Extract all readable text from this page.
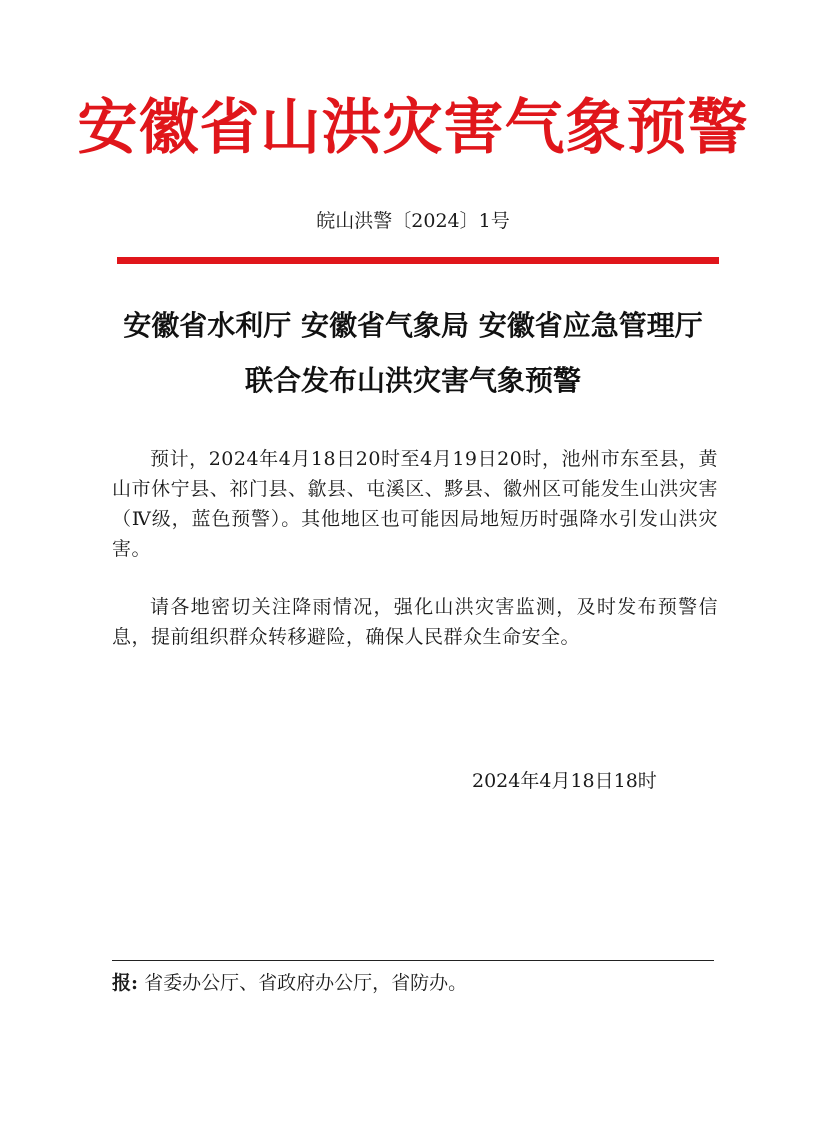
安徽省山洪灾害气象预警
皖山洪警〔2024〕1号
安徽省水利厅 安徽省气象局 安徽省应急管理厅
联合发布山洪灾害气象预警
预计，2024年4月18日20时至4月19日20时，池州市东至县，黄山市休宁县、祁门县、歙县、屯溪区、黟县、徽州区可能发生山洪灾害（Ⅳ级，蓝色预警）。其他地区也可能因局地短历时强降水引发山洪灾害。
请各地密切关注降雨情况，强化山洪灾害监测，及时发布预警信息，提前组织群众转移避险，确保人民群众生命安全。
2024年4月18日18时
报: 省委办公厅、省政府办公厅，省防办。
